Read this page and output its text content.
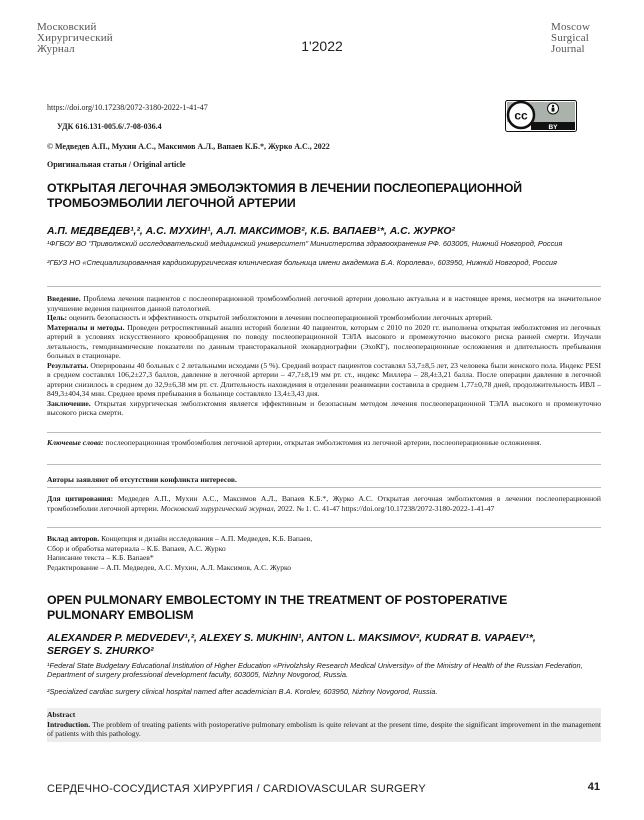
Московский
Хирургический
Журнал	1'2022
Moscow
Surgical
Journal
https://doi.org/10.17238/2072-3180-2022-1-41-47
УДК 616.131-005.6/.7-08-036.4
© Медведев А.П., Мухин А.С., Максимов А.Л., Вапаев К.Б.*, Журко А.С., 2022
Оригинальная статья / Original article
cc
BY
ОТКРЫТАЯ ЛЕГОЧНАЯ ЭМБОЛЭКТОМИЯ В ЛЕЧЕНИИ ПОСЛЕОПЕРАЦИОННОЙ ТРОМБОЭМБОЛИИ ЛЕГОЧНОЙ АРТЕРИИ
А.П. МЕДВЕДЕВ¹,², А.С. МУХИН¹, А.Л. МАКСИМОВ², К.Б. ВАПАЕВ¹*, А.С. ЖУРКО²
¹ФГБОУ ВО "Приволжский исследовательский медицинский университет" Министерства здравоохранения РФ. 603005, Нижний Новгород, Россия
²ГБУЗ НО «Специализированная кардиохирургическая клиническая больница имени академика Б.А. Королева», 603950, Нижний Новгород, Россия
Введение. Проблема лечения пациентов с послеоперационной тромбоэмболией легочной артерии довольно актуальна и в настоящее время, несмотря на значительное улучшение ведения пациентов данной патологией.
Цель: оценить безопасность и эффективность открытой эмболэктомии в лечении послеоперационной тромбоэмболии легочных артерий.
Материалы и методы. Проведен ретроспективный анализ историй болезни 40 пациентов, которым с 2010 по 2020 гг. выполнена открытая эмболэктомия из легочных артерий в условиях искусственного кровообращения по поводу послеоперационной ТЭЛА высокого и промежуточно высокого риска ранней смерти. Изучали летальность, гемодинамические показатели по данным трансторакальной эхокардиографии (ЭхоКГ), послеоперационные осложнения и длительность пребывания больных в стационаре.
Результаты. Оперированы 40 больных с 2 летальными исходами (5 %). Средний возраст пациентов составлял 53,7±8,5 лет, 23 человека были женского пола. Индекс PESI в среднем составлял 106,2±27,3 баллов, давление в легочной артерии – 47,7±8,19 мм рт. ст., индекс Миллера – 28,4±3,21 балла. После операции давление в легочной артерии снизилось в среднем до 32,9±6,38 мм рт. ст. Длительность нахождения в отделении реанимации составила в среднем 1,77±0,78 дней, продолжительность ИВЛ – 849,3±404,34 мин. Среднее время пребывания в больнице составляло 13,4±3,43 дня.
Заключение. Открытая хирургическая эмболэктомия является эффективным и безопасным методом лечения послеоперационной ТЭЛА высокого и промежуточно высокого риска смерти.
Ключевые слова: послеоперационная тромбоэмболия легочной артерии, открытая эмболэктомия из легочной артерии, послеоперационные осложнения.
Авторы заявляют об отсутствии конфликта интересов.
Для цитирования: Медведев А.П., Мухин А.С., Максимов А.Л., Вапаев К.Б.*, Журко А.С. Открытая легочная эмболэктомия в лечении послеоперационной тромбоэмболии легочной артерии. Московский хирургический журнал, 2022. № 1. С. 41-47 https://doi.org/10.17238/2072-3180-2022-1-41-47
Вклад авторов. Концепция и дизайн исследования – А.П. Медведев, К.Б. Вапаев,
Сбор и обработка материала – К.Б. Вапаев, А.С. Журко
Написание текста – К.Б. Вапаев*
Редактирование – А.П. Медведев, А.С. Мухин, А.Л. Максимов, А.С. Журко
OPEN PULMONARY EMBOLECTOMY IN THE TREATMENT OF POSTOPERATIVE PULMONARY EMBOLISM
ALEXANDER P. MEDVEDEV¹,², ALEXEY S. MUKHIN¹, ANTON L. MAKSIMOV², KUDRAT B. VAPAEV¹*,
SERGEY S. ZHURKO²
¹Federal State Budgetary Educational Institution of Higher Education «Privolzhsky Research Medical University» of the Ministry of Health of the Russian Federation, Department of surgery professional development faculty, 603005, Nizhny Novgorod, Russia.
²Specialized cardiac surgery clinical hospital named after academician B.A. Korolev, 603950, Nizhny Novgorod, Russia.
Abstract
Introduction. The problem of treating patients with postoperative pulmonary embolism is quite relevant at the present time, despite the significant improvement in the management of patients with this pathology.
СЕРДЕЧНО-СОСУДИСТАЯ ХИРУРГИЯ / CARDIOVASCULAR SURGERY	41
